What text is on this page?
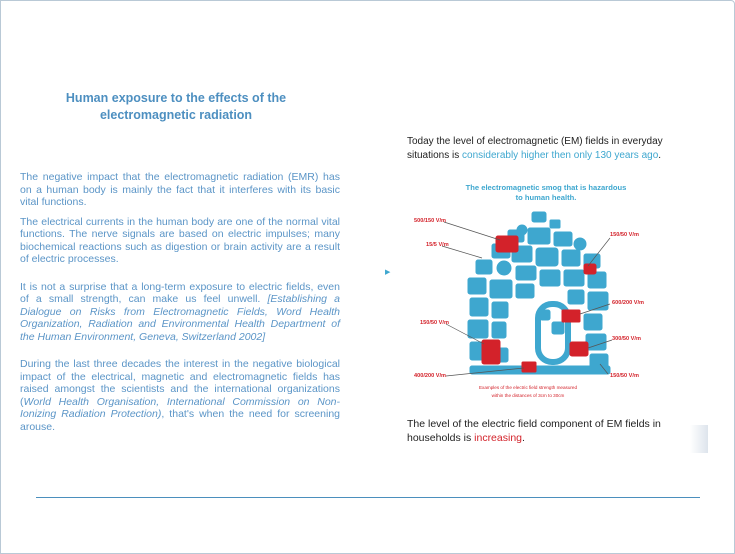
Human exposure to the effects of the
electromagnetic radiation

The negative impact that the electromagnetic radiation (EMR) has on a human body is mainly the fact that it interferes with its basic vital functions.

The electrical currents in the human body are one of the normal vital functions. The nerve signals are based on electric impulses; many biochemical reactions such as digestion or brain activity are a result of electric processes.

It is not a surprise that a long-term exposure to electric fields, even of a small strength, can make us feel unwell. [Establishing a Dialogue on Risks from Electromagnetic Fields, Word Health Organization, Radiation and Environmental Health Department of the Human Environment, Geneva, Switzerland 2002]

During the last three decades the interest in the negative biological impact of the electrical, magnetic and electromagnetic fields has raised amongst the scientists and the international organizations (World Health Organisation, International Commission on Non-Ionizing Radiation Protection), that's when the need for screening arouse.

▶
Today the level of electromagnetic (EM) fields in everyday situations is considerably higher then only 130 years ago.
The electromagnetic smog that is hazardous
to human health.
500/150 V/m
15/5 V/m
150/50 V/m
150/50 V/m
600/200 V/m
300/50 V/m
400/200 V/m	150/50 V/m
Examples of the electric field strength measured
within the distances of 3cm to 30cm
The level of the electric field component of EM fields in households is increasing.
